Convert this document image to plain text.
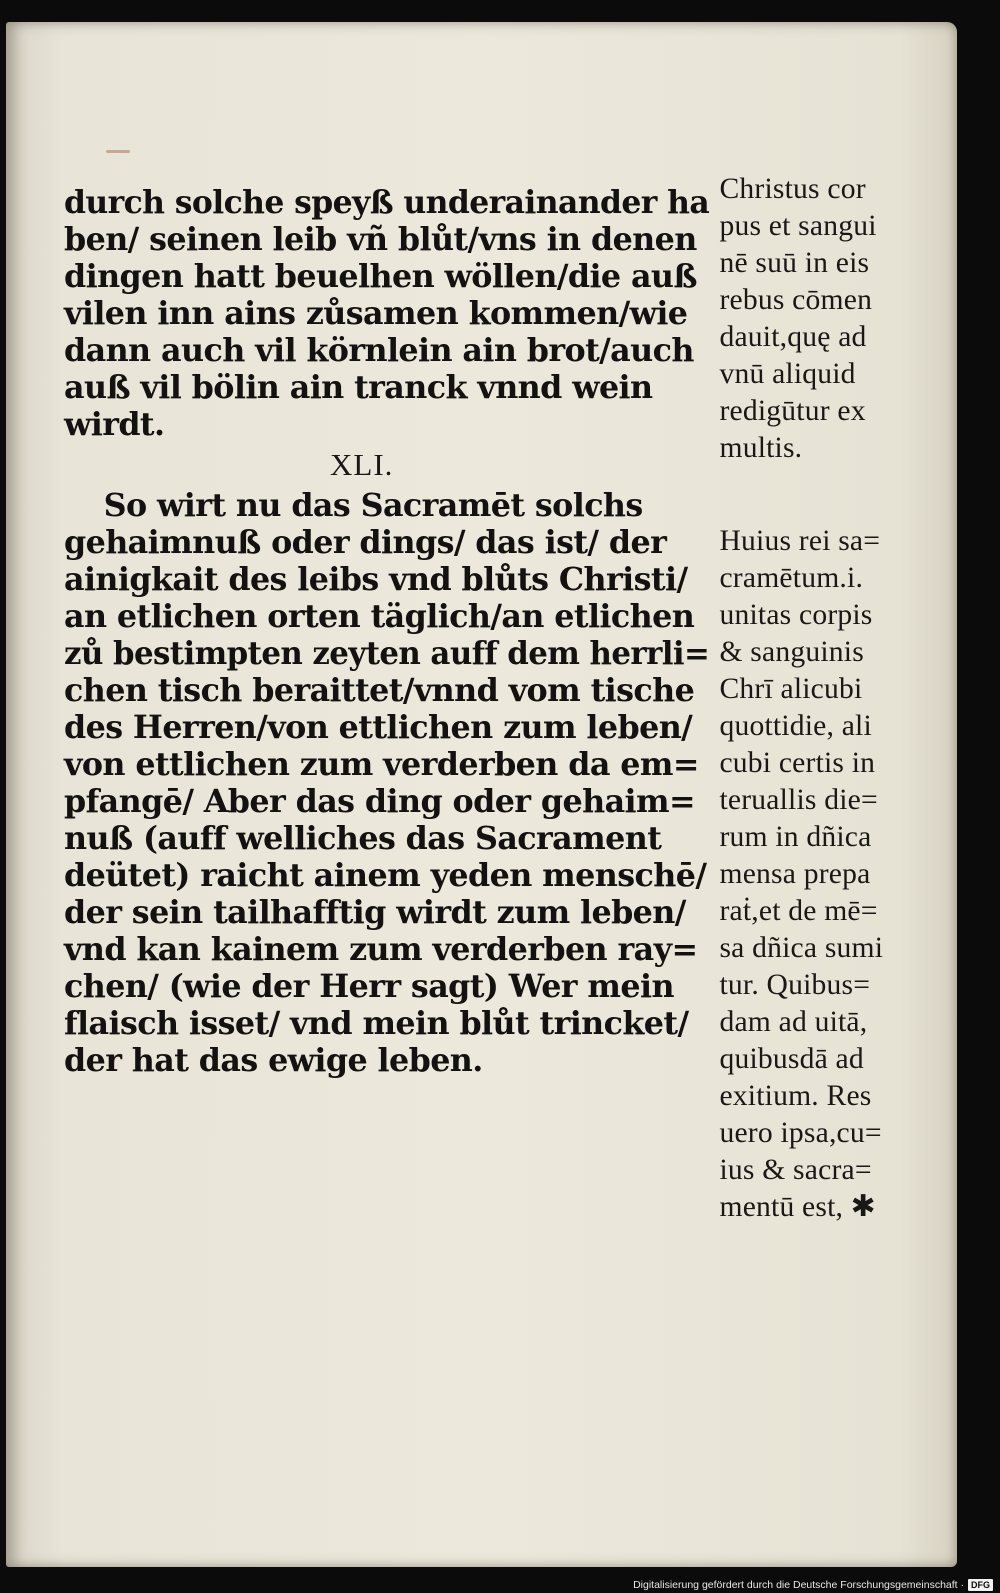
durch solche speyß underainander ha
ben/ seinen leib vñ blůt/vns in denen
dingen hatt beuelhen wöllen/die auß
vilen inn ains zůsamen kommen/wie
dann auch vil körnlein ain brot/auch
auß vil bölin ain tranck vnnd wein
wirdt.
XLI.
So wirt nu das Sacramēt solchs
gehaimnuß oder dings/ das ist/ der
ainigkait des leibs vnd blůts Christi/
an etlichen orten täglich/an etlichen
zů bestimpten zeyten auff dem herrli=
chen tisch beraittet/vnnd vom tische
des Herren/von ettlichen zum leben/
von ettlichen zum verderben da em=
pfangē/ Aber das ding oder gehaim=
nuß (auff welliches das Sacrament
deütet) raicht ainem yeden menschē/
der sein tailhafftig wirdt zum leben/
vnd kan kainem zum verderben ray=
chen/ (wie der Herr sagt) Wer mein
flaisch isset/ vnd mein blůt trincket/
der hat das ewige leben.
Christus cor
pus et sangui
nē suū in eis
rebus cōmen
dauit,quę ad
vnū aliquid
redigūtur ex
multis.
Huius rei sa=
cramētum.i.
unitas corpis
& sanguinis
Chrī alicubi
quottidie, ali
cubi certis in
teruallis die=
rum in dñica
mensa prepa
raṫ,et de mē=
sa dñica sumi
tur. Quibus=
dam ad uitā,
quibusdā ad
exitium. Res
uero ipsa,cu=
ius & sacra=
mentū est, ✱
Digitalisierung gefördert durch die Deutsche Forschungsgemeinschaft · DFG
